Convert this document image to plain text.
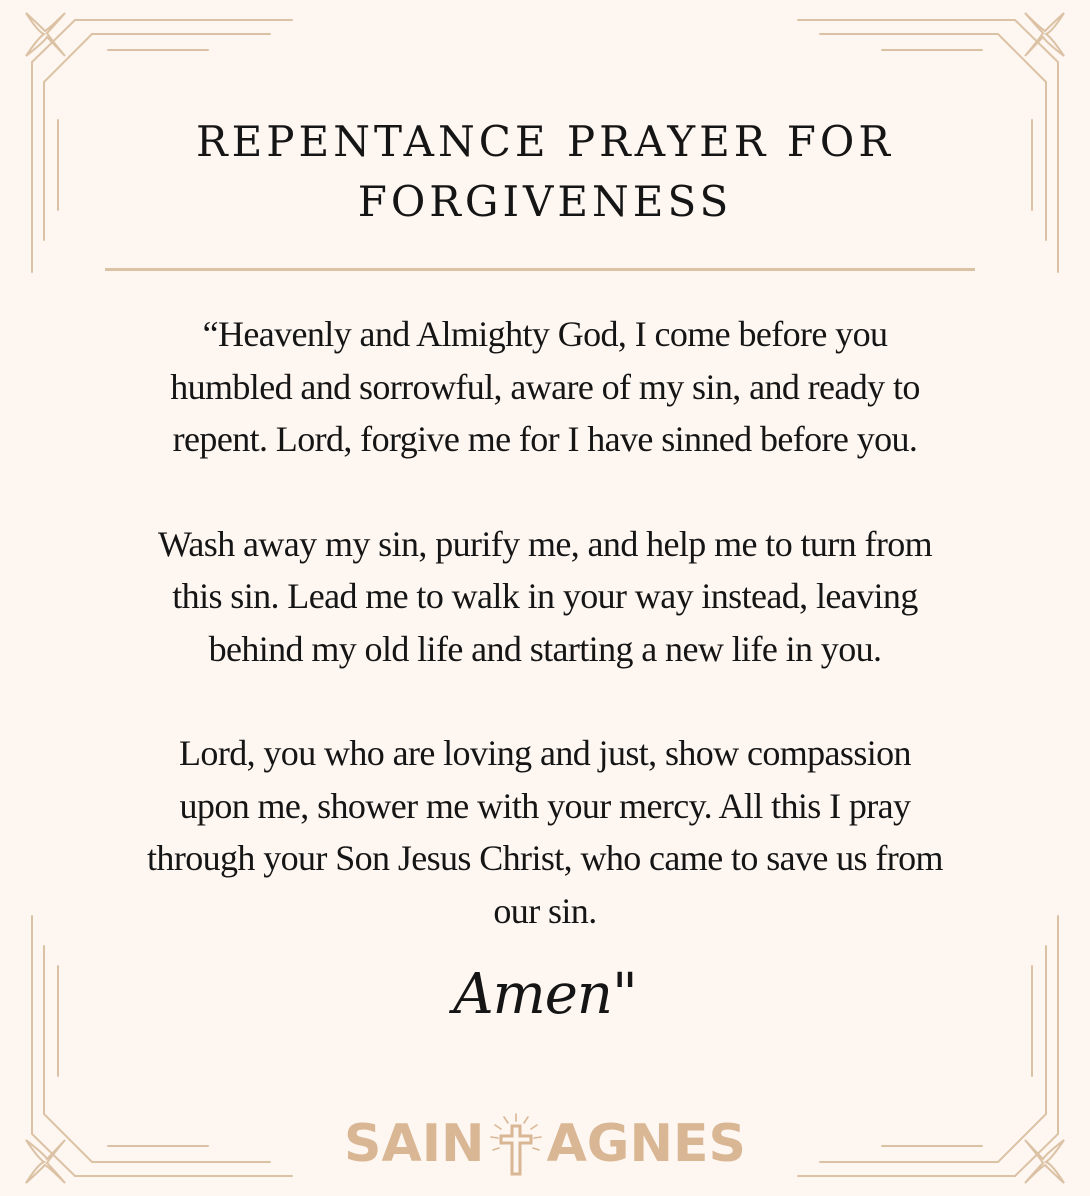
REPENTANCE PRAYER FOR
FORGIVENESS

“Heavenly and Almighty God, I come before you
humbled and sorrowful, aware of my sin, and ready to
repent. Lord, forgive me for I have sinned before you.

Wash away my sin, purify me, and help me to turn from
this sin. Lead me to walk in your way instead, leaving
behind my old life and starting a new life in you.

Lord, you who are loving and just, show compassion
upon me, shower me with your mercy. All this I pray
through your Son Jesus Christ, who came to save us from
our sin.

Amen"
SAIN AGNES
